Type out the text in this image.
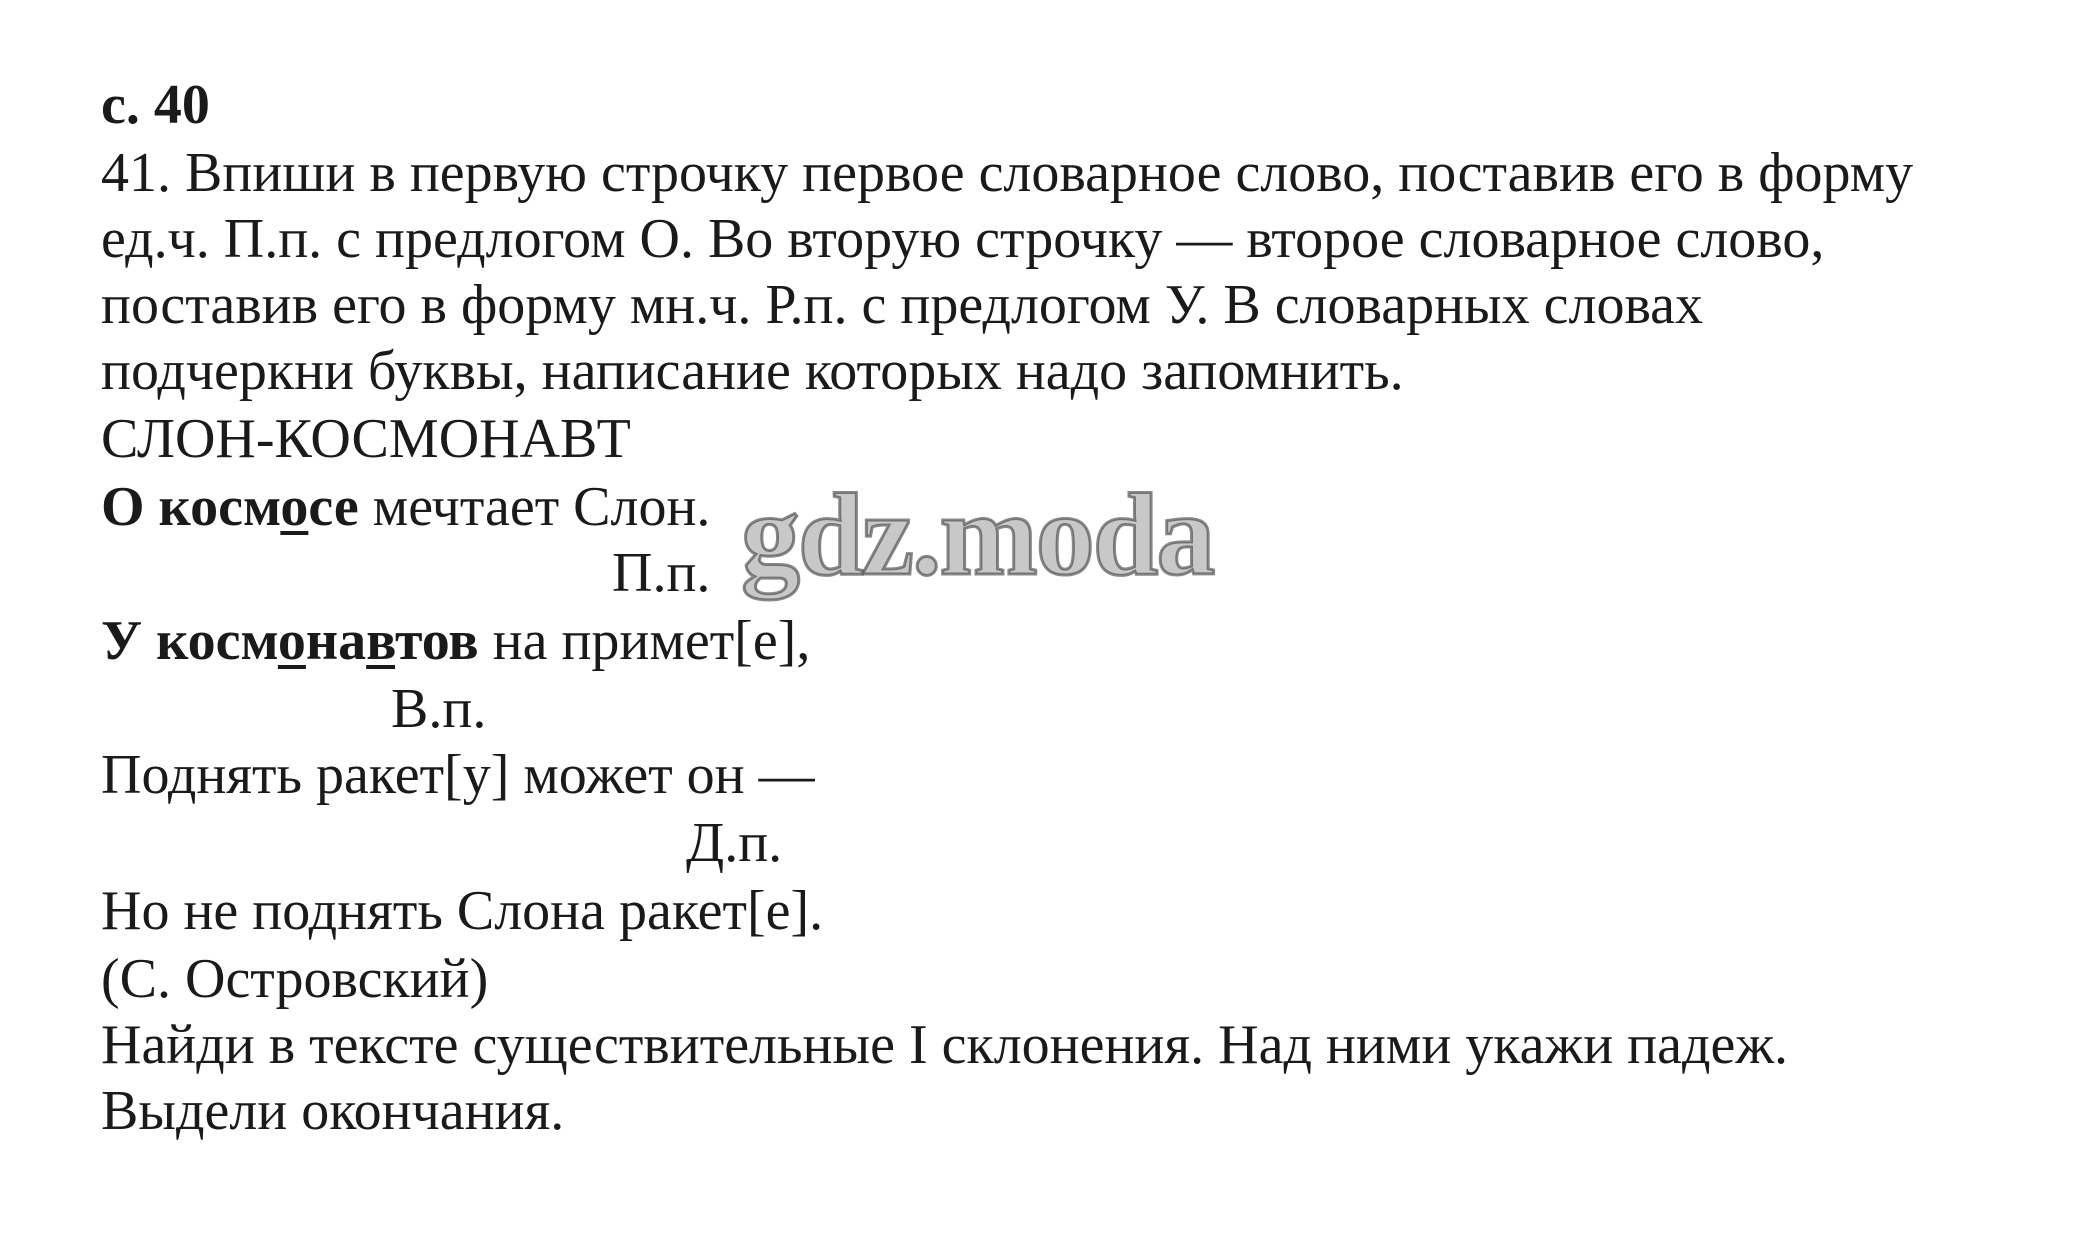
с. 40
41. Впиши в первую строчку первое словарное слово, поставив его в форму
ед.ч. П.п. с предлогом О. Во вторую строчку — второе словарное слово,
поставив его в форму мн.ч. Р.п. с предлогом У. В словарных словах
подчеркни буквы, написание которых надо запомнить.
СЛОН-КОСМОНАВТ
О космосе мечтает Слон.
П.п.
У космонавтов на примет[е],
В.п.
Поднять ракет[у] может он —
Д.п.
Но не поднять Слона ракет[е].
(С. Островский)
Найди в тексте существительные I склонения. Над ними укажи падеж.
Выдели окончания.
gdz.moda
